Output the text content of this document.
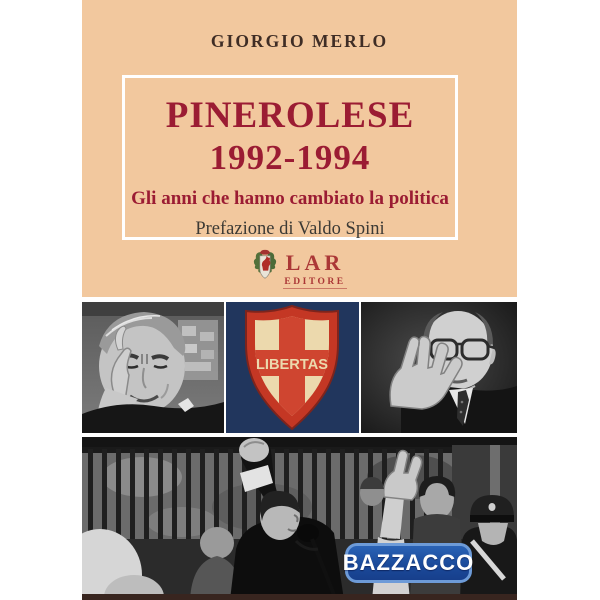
GIORGIO MERLO
PINEROLESE
1992-1994
Gli anni che hanno cambiato la politica
Prefazione di Valdo Spini
LAR
EDITORE
LIBERTAS
BAZZACCO
